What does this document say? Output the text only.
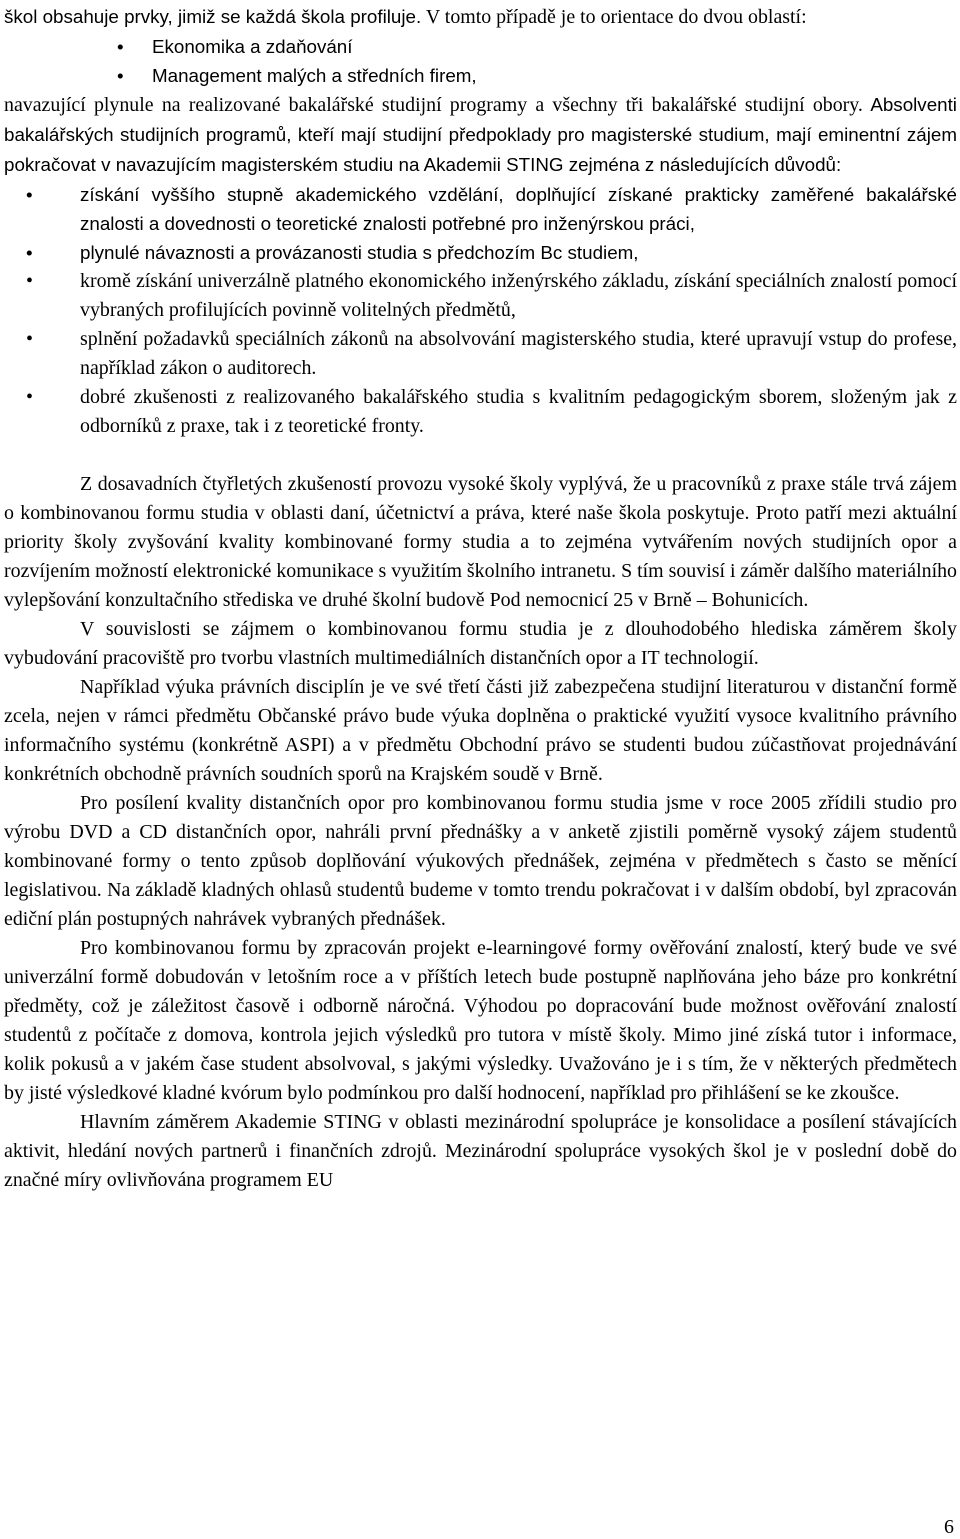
škol obsahuje prvky, jimiž se každá škola profiluje. V tomto případě je to orientace do dvou oblastí:

• Ekonomika a zdaňování
• Management malých a středních firem,

navazující plynule na realizované bakalářské studijní programy a všechny tři bakalářské studijní obory. Absolventi bakalářských studijních programů, kteří mají studijní předpoklady pro magisterské studium, mají eminentní zájem pokračovat v navazujícím magisterském studiu na Akademii STING zejména z následujících důvodů:

•	získání vyššího stupně akademického vzdělání, doplňující získané prakticky zaměřené bakalářské znalosti a dovednosti o teoretické znalosti potřebné pro inženýrskou práci,
•	plynulé návaznosti a provázanosti studia s předchozím Bc studiem,
• kromě získání univerzálně platného ekonomického inženýrského základu, získání speciálních znalostí pomocí vybraných profilujících povinně volitelných předmětů,
• splnění požadavků speciálních zákonů na absolvování magisterského studia, které upravují vstup do profese, například zákon o auditorech.
• dobré zkušenosti z realizovaného bakalářského studia s kvalitním pedagogickým sborem, složeným jak z odborníků z praxe, tak i z teoretické fronty.

Z dosavadních čtyřletých zkušeností provozu vysoké školy vyplývá, že u pracovníků z praxe stále trvá zájem o kombinovanou formu studia v oblasti daní, účetnictví a práva, které naše škola poskytuje. Proto patří mezi aktuální priority školy zvyšování kvality kombinované formy studia a to zejména vytvářením nových studijních opor a rozvíjením možností elektronické komunikace s využitím školního intranetu. S tím souvisí i záměr dalšího materiálního vylepšování konzultačního střediska ve druhé školní budově Pod nemocnicí 25 v Brně – Bohunicích.

V souvislosti se zájmem o kombinovanou formu studia je z dlouhodobého hlediska záměrem školy vybudování pracoviště pro tvorbu vlastních multimediálních distančních opor a IT technologií.

Například výuka právních disciplín je ve své třetí části již zabezpečena studijní literaturou v distanční formě zcela, nejen v rámci předmětu Občanské právo bude výuka doplněna o praktické využití vysoce kvalitního právního informačního systému (konkrétně ASPI) a v předmětu Obchodní právo se studenti budou zúčastňovat projednávání konkrétních obchodně právních soudních sporů na Krajském soudě v Brně.

Pro posílení kvality distančních opor pro kombinovanou formu studia jsme v roce 2005 zřídili studio pro výrobu DVD a CD distančních opor, nahráli první přednášky a v anketě zjistili poměrně vysoký zájem studentů kombinované formy o tento způsob doplňování výukových přednášek, zejména v předmětech s často se měnící legislativou. Na základě kladných ohlasů studentů budeme v tomto trendu pokračovat i v dalším období, byl zpracován ediční plán postupných nahrávek vybraných přednášek.

Pro kombinovanou formu by zpracován projekt e-learningové formy ověřování znalostí, který bude ve své univerzální formě dobudován v letošním roce a v příštích letech bude postupně naplňována jeho báze pro konkrétní předměty, což je záležitost časově i odborně náročná. Výhodou po dopracování bude možnost ověřování znalostí studentů z počítače z domova, kontrola jejich výsledků pro tutora v místě školy. Mimo jiné získá tutor i informace, kolik pokusů a v jakém čase student absolvoval, s jakými výsledky. Uvažováno je i s tím, že v některých předmětech by jisté výsledkové kladné kvórum bylo podmínkou pro další hodnocení, například pro přihlášení se ke zkoušce.

Hlavním záměrem Akademie STING v oblasti mezinárodní spolupráce je konsolidace a posílení stávajících aktivit, hledání nových partnerů i finančních zdrojů. Mezinárodní spolupráce vysokých škol je v poslední době do značné míry ovlivňována programem EU

6
